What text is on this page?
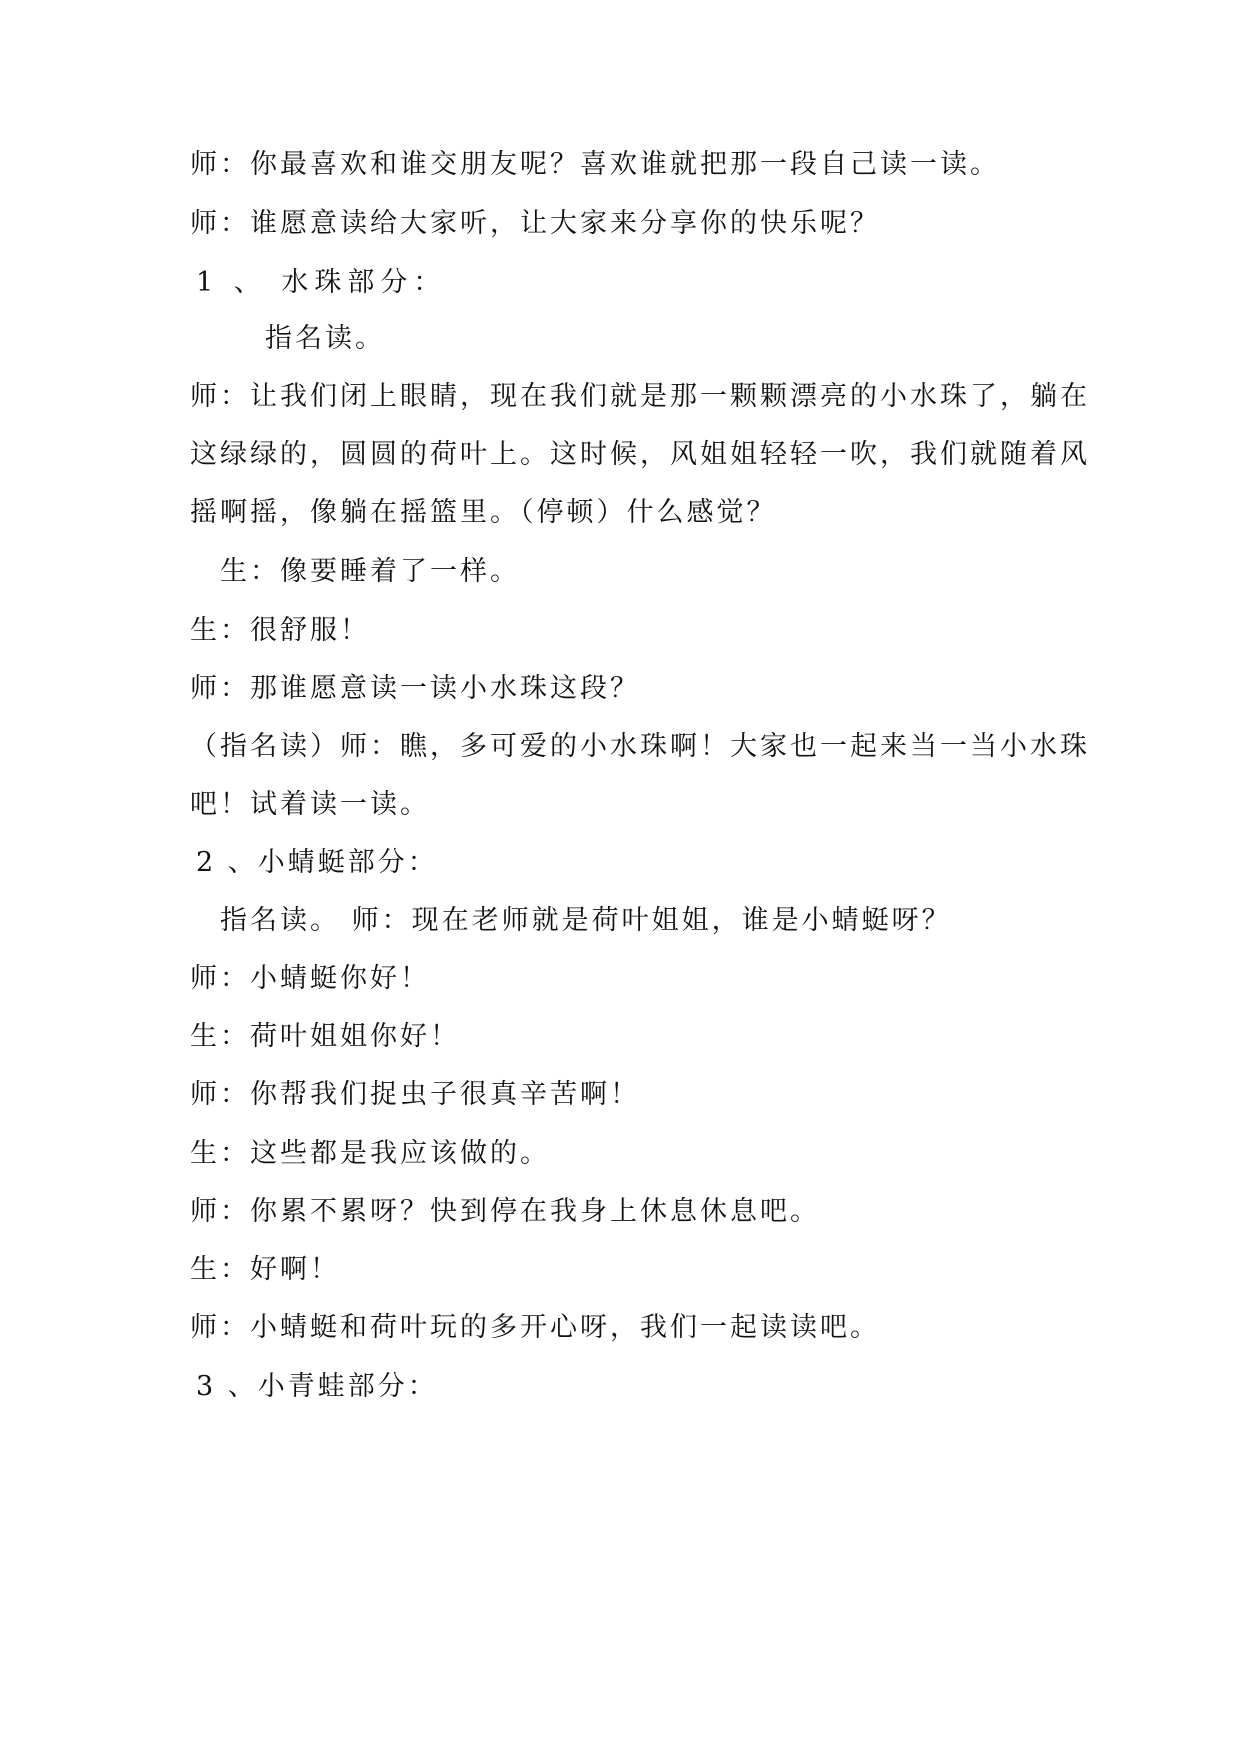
师：你最喜欢和谁交朋友呢？喜欢谁就把那一段自己读一读。
师：谁愿意读给大家听，让大家来分享你的快乐呢？
1 、 水珠部分：
指名读。
师：让我们闭上眼睛，现在我们就是那一颗颗漂亮的小水珠了，躺在
这绿绿的，圆圆的荷叶上。这时候，风姐姐轻轻一吹，我们就随着风
摇啊摇，像躺在摇篮里。（停顿）什么感觉？
生：像要睡着了一样。
生：很舒服！
师：那谁愿意读一读小水珠这段？
（指名读）师：瞧，多可爱的小水珠啊！大家也一起来当一当小水珠
吧！试着读一读。
2 、小蜻蜓部分：
指名读。 师：现在老师就是荷叶姐姐，谁是小蜻蜓呀？
师：小蜻蜓你好！
生：荷叶姐姐你好！
师：你帮我们捉虫子很真辛苦啊！
生：这些都是我应该做的。
师：你累不累呀？快到停在我身上休息休息吧。
生：好啊！
师：小蜻蜓和荷叶玩的多开心呀，我们一起读读吧。
3 、小青蛙部分：
